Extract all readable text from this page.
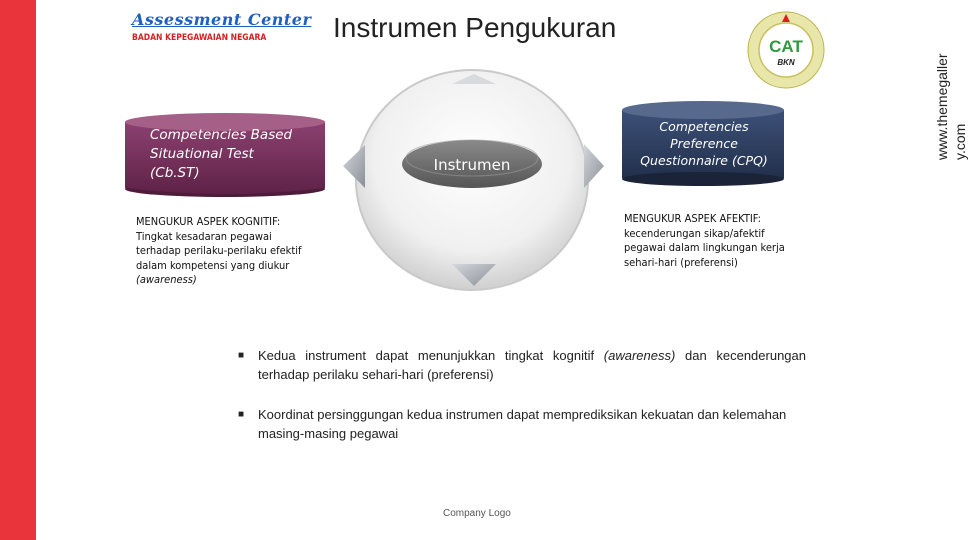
Assessment Center
BADAN KEPEGAWAIAN NEGARA Instrumen Pengukuran
CAT
BKN	www.themegaller y.com
Competencies Based
Situational Test
(Cb.ST)
Competencies
Preference
Questionnaire (CPQ)
Instrumen
MENGUKUR ASPEK KOGNITIF:
Tingkat kesadaran pegawai
terhadap perilaku-perilaku efektif
dalam kompetensi yang diukur
(awareness)
MENGUKUR ASPEK AFEKTIF:
kecenderungan sikap/afektif
pegawai dalam lingkungan kerja
sehari-hari (preferensi)
■ Kedua instrument dapat menunjukkan tingkat kognitif (awareness) dan kecenderungan terhadap perilaku sehari-hari (preferensi)
■ Koordinat persinggungan kedua instrumen dapat memprediksikan kekuatan dan kelemahan masing-masing pegawai
Company Logo
